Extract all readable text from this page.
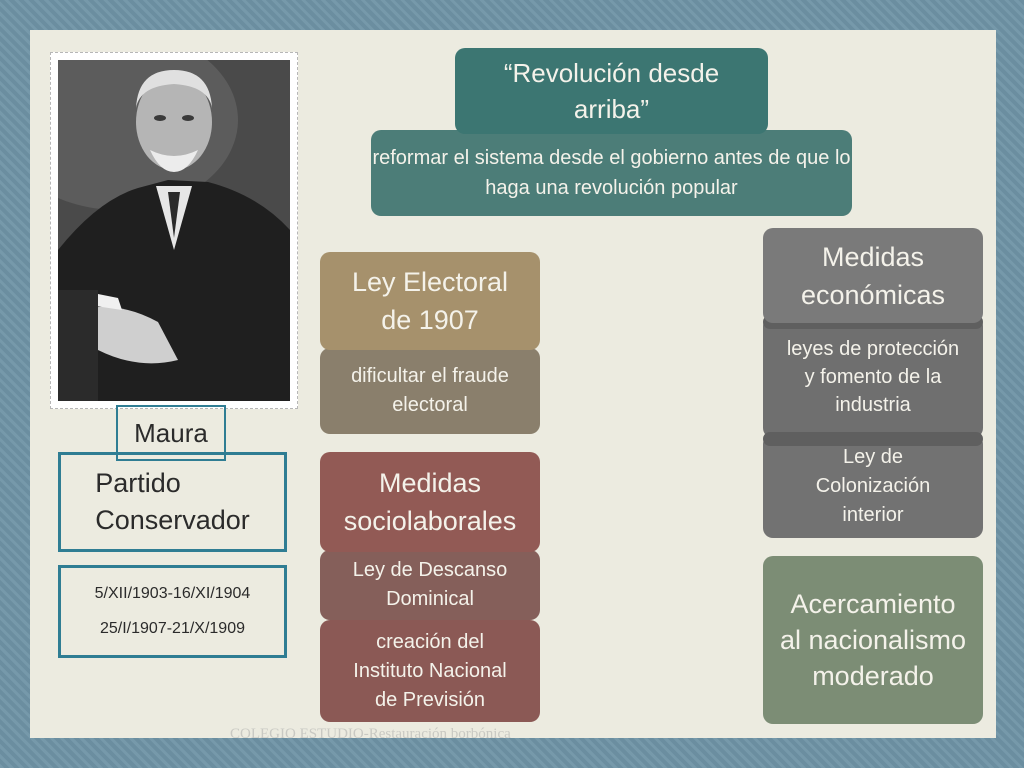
Partido
Conservador
Maura
5/XII/1903-16/XI/1904
25/I/1907-21/X/1909
reformar el sistema desde el gobierno antes de que lo haga una revolución popular
“Revolución desde arriba”
dificultar el fraude
electoral
Ley Electoral
de 1907
creación del
Instituto Nacional
de Previsión
Ley de Descanso
Dominical
Medidas
sociolaborales
Ley de
Colonización
interior
leyes de protección
y fomento de la
industria
Medidas
económicas
Acercamiento
al nacionalismo
moderado
COLEGIO ESTUDIO-Restauración borbónica
